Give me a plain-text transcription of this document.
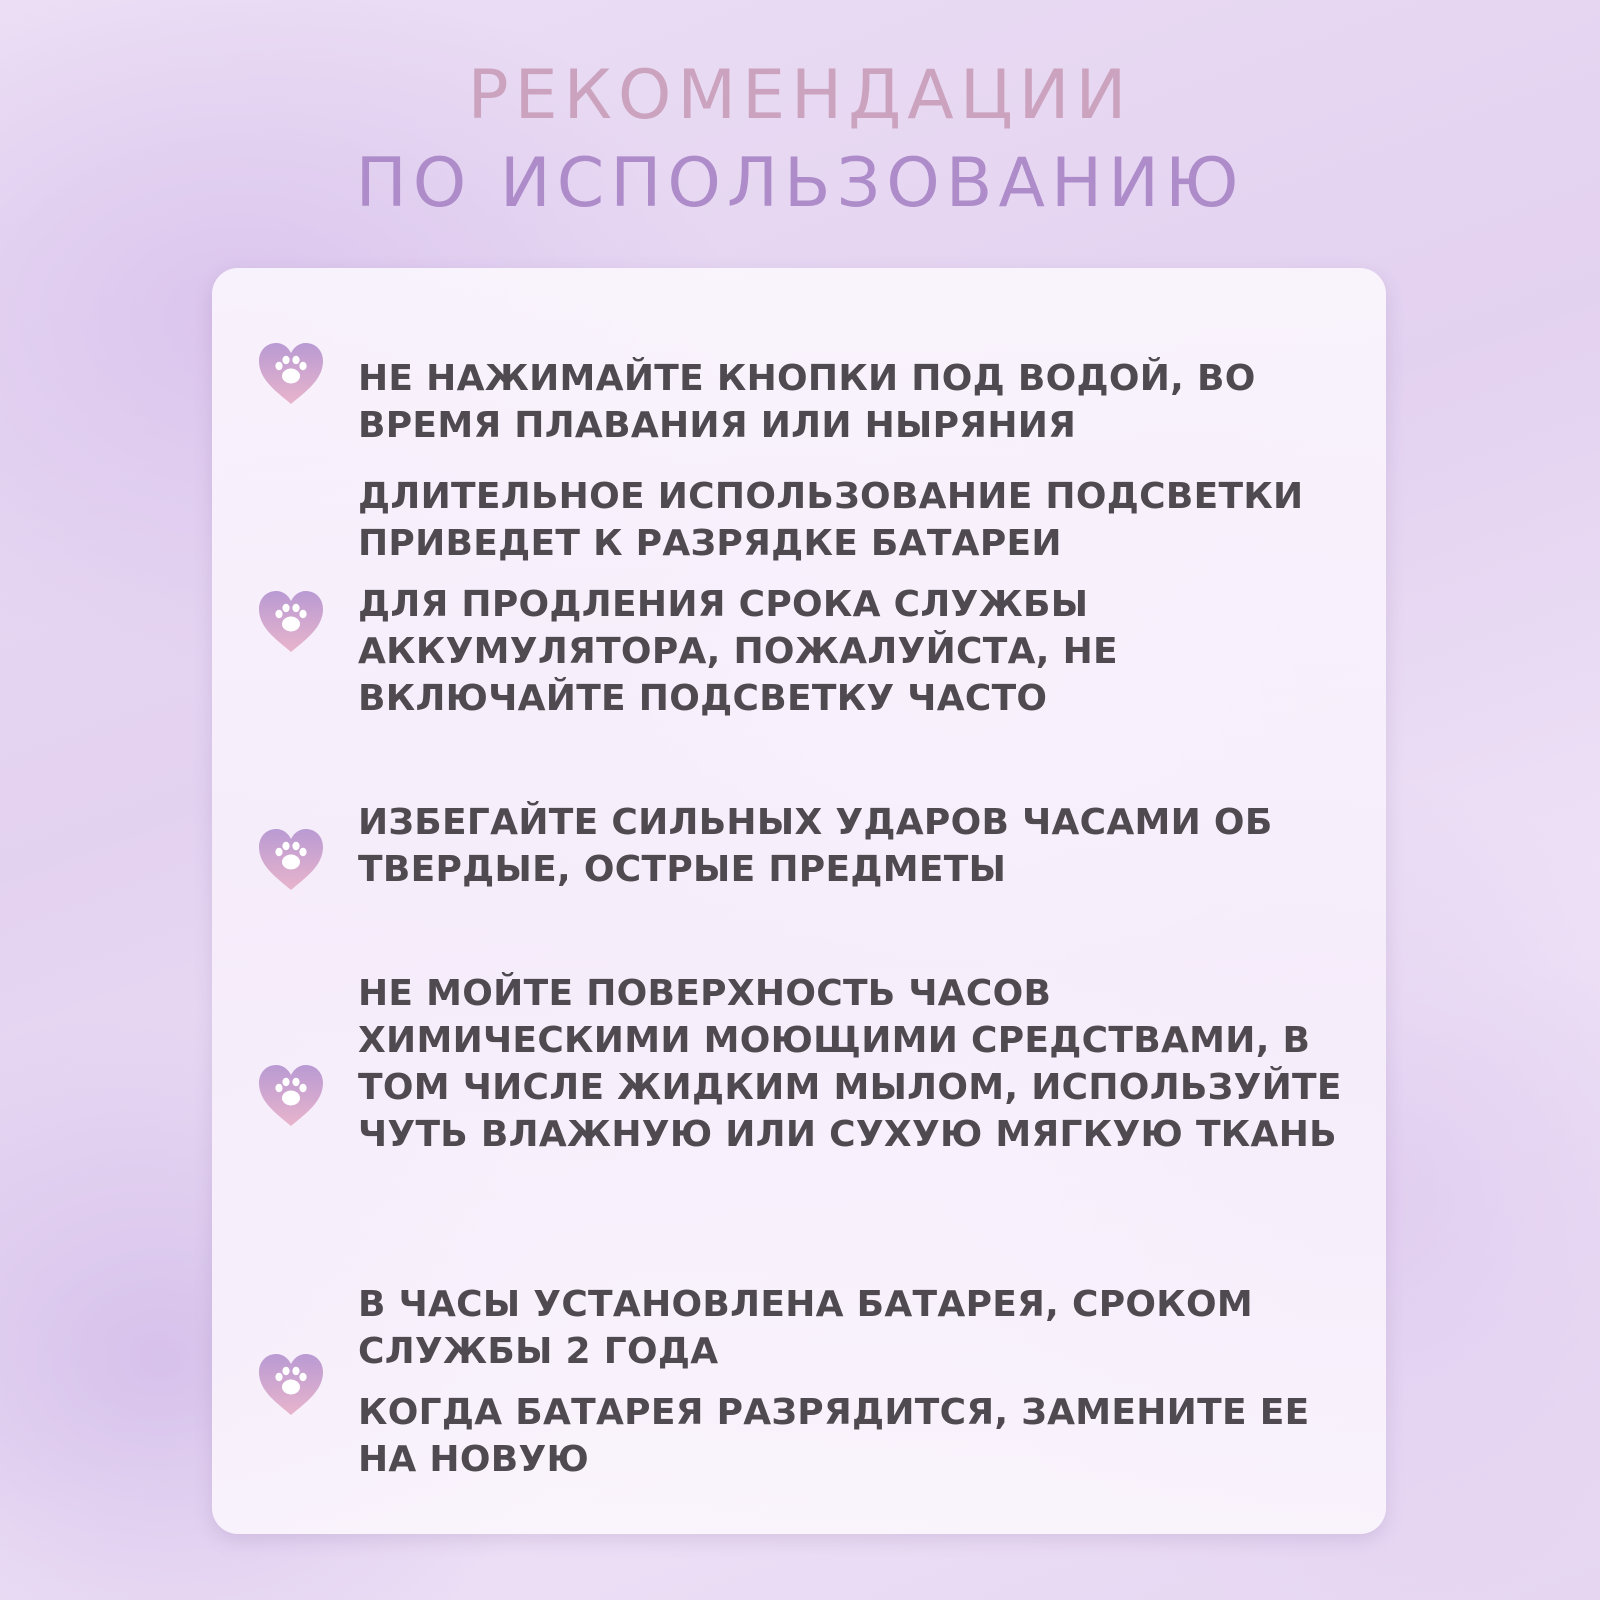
РЕКОМЕНДАЦИИ
ПО ИСПОЛЬЗОВАНИЮ

НЕ НАЖИМАЙТЕ КНОПКИ ПОД ВОДОЙ, ВО ВРЕМЯ ПЛАВАНИЯ ИЛИ НЫРЯНИЯ

ДЛИТЕЛЬНОЕ ИСПОЛЬЗОВАНИЕ ПОДСВЕТКИ ПРИВЕДЕТ К РАЗРЯДКЕ БАТАРЕИ

ДЛЯ ПРОДЛЕНИЯ СРОКА СЛУЖБЫ АККУМУЛЯТОРА, ПОЖАЛУЙСТА, НЕ ВКЛЮЧАЙТЕ ПОДСВЕТКУ ЧАСТО

ИЗБЕГАЙТЕ СИЛЬНЫХ УДАРОВ ЧАСАМИ ОБ ТВЕРДЫЕ, ОСТРЫЕ ПРЕДМЕТЫ

НЕ МОЙТЕ ПОВЕРХНОСТЬ ЧАСОВ ХИМИЧЕСКИМИ МОЮЩИМИ СРЕДСТВАМИ, В ТОМ ЧИСЛЕ ЖИДКИМ МЫЛОМ, ИСПОЛЬЗУЙТЕ ЧУТЬ ВЛАЖНУЮ ИЛИ СУХУЮ МЯГКУЮ ТКАНЬ

В ЧАСЫ УСТАНОВЛЕНА БАТАРЕЯ, СРОКОМ СЛУЖБЫ 2 ГОДА

КОГДА БАТАРЕЯ РАЗРЯДИТСЯ, ЗАМЕНИТЕ ЕЕ НА НОВУЮ
